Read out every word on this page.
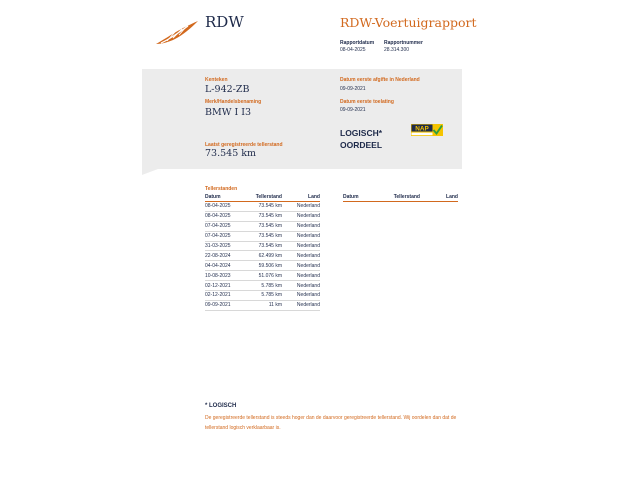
RDW	RDW-Voertuigrapport
Rapportdatum
08-04-2025
Rapportnummer
28.314.300
Kenteken
L-942-ZB
Merk/Handelsbenaming
BMW I I3
Laatst geregistreerde tellerstand
73.545 km
Datum eerste afgifte in Nederland
09-09-2021
Datum eerste toelating
09-09-2021
LOGISCH*
OORDEEL
NAP
Tellerstanden
Datum	Tellerstand	Land
08-04-2025	73.545 km	Nederland
08-04-2025	73.545 km	Nederland
07-04-2025	73.545 km	Nederland
07-04-2025	73.545 km	Nederland
31-03-2025	73.545 km	Nederland
22-08-2024	62.499 km	Nederland
04-04-2024	59.506 km	Nederland
10-08-2023	51.076 km	Nederland
02-12-2021	5.785 km	Nederland
02-12-2021	5.785 km	Nederland
09-09-2021	11 km	Nederland
Datum	Tellerstand	Land
* LOGISCH
De geregistreerde tellerstand is steeds hoger dan de daarvoor geregistreerde tellerstand. Wij oordelen dan dat de tellerstand logisch verklaarbaar is.
